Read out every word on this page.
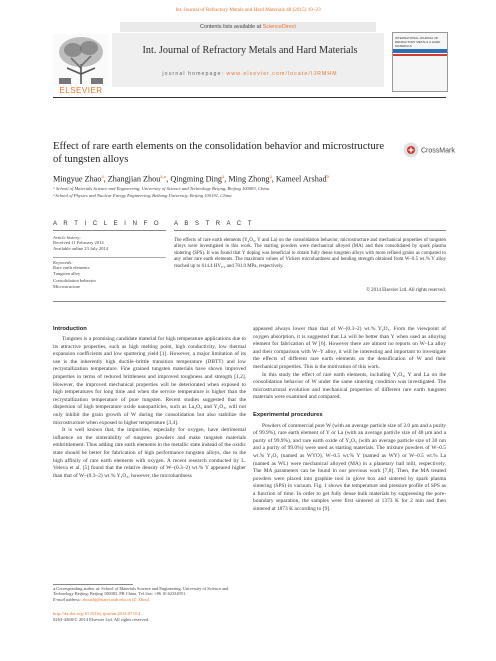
Int. Journal of Refractory Metals and Hard Materials 48 (2015) 19–23
Contents lists available at ScienceDirect
Int. Journal of Refractory Metals and Hard Materials
journal homepage: www.elsevier.com/locate/IJRMHM
ELSEVIER
INTERNATIONAL JOURNAL OF REFRACTORY METALS & HARD MATERIALS
Effect of rare earth elements on the consolidation behavior and microstructure of tungsten alloys
CrossMark
Mingyue Zhao$^a$, Zhangjian Zhou$^{a,⁎}$, Qingming Ding$^a$, Ming Zhong$^a$, Kameel Arshad$^b$
ᵃ School of Materials Science and Engineering, University of Science and Technology Beijing, Beijing 100083, China
ᵇ School of Physics and Nuclear Energy Engineering, Beihang University, Beijing 100191, China
A R T I C L E I N F O
Article history:
Received 11 February 2014
Available online 23 July 2014
Keywords:
Rare earth elements
Tungsten alloy
Consolidation behavior
Microstructure
A B S T R A C T
The effects of rare earth elements (Y₂O₃, Y and La) on the consolidation behavior, microstructure and mechanical properties of tungsten alloys were investigated in this work. The starting powders were mechanical alloyed (MA) and then consolidated by spark plasma sintering (SPS). It was found that Y doping was beneficial to obtain fully dense tungsten alloys with more refined grains as compared to any other rare earth elements. The maximum values of Vickers microhardness and bending strength obtained from W–0.5 wt.% Y alloy reached up to 614.4 HV₀.₂ and 701.0 MPa, respectively.
© 2014 Elsevier Ltd. All rights reserved.
Introduction

Tungsten is a promising candidate material for high temperature applications due to its attractive properties, such as high melting point, high conductivity, low thermal expansion coefficients and low sputtering yield [1]. However, a major limitation of its use is the inherently high ductile–brittle transition temperature (DBTT) and low recrystallization temperature. Fine grained tungsten materials have shown improved properties in terms of reduced brittleness and improved toughness and strength [1,2]. However, the improved mechanical properties will be deteriorated when exposed to high temperatures for long time and when the service temperature is higher than the recrystallization temperature of pure tungsten. Recent studies suggested that the dispersion of high temperature oxide nanoparticles, such as La₂O₃ and Y₂O₃, will not only inhibit the grain growth of W during the consolidation but also stabilize the microstructure when exposed to higher temperature [3,4].

It is well known that, the impurities, especially for oxygen, have detrimental influence on the sinterability of tungsten powders and make tungsten materials embrittlement. Thus adding rare earth elements in the metallic state instead of the oxidic state should be better for fabrication of high performance tungsten alloys, due to the high affinity of rare earth elements with oxygen. A recent research conducted by L. Veleva et al. [5] found that the relative density of W–(0.3–2) wt.% Y appeared higher than that of W–(0.3–2) wt.% Y₂O₃, however, the microhardness

⁎ Corresponding author at: School of Materials Science and Engineering, University of Science and Technology Beijing, Beijing 100083, PR China. Tel./fax: +86 10 62334951.
E-mail address: zhouzhj@mater.ustb.edu.cn (Z. Zhou).
http://dx.doi.org/10.1016/j.ijrmhm.2014.07.014
0263-4368/© 2014 Elsevier Ltd. All rights reserved.

appeared always lower than that of W–(0.3–2) wt.% Y₂O₃. From the viewpoint of oxygen absorption, it is suggested that La will be better than Y when used as alloying element for fabrication of W [6]. However there are almost no reports on W–La alloy and their comparison with W–Y alloy, it will be interesting and important to investigate the effects of different rare earth elements on the densification of W and their mechanical properties. This is the motivation of this work.

In this study the effect of rare earth elements, including Y₂O₃, Y and La on the consolidation behavior of W under the same sintering condition was investigated. The microstructural evolution and mechanical properties of different rare earth tungsten materials were examined and compared.

Experimental procedures

Powders of commercial pure W (with an average particle size of 2.0 μm and a purity of 99.9%), rare earth element of Y or La (with an average particle size of 48 μm and a purity of 99.9%), and rare earth oxide of Y₂O₃ (with an average particle size of 30 nm and a purity of 99.0%) were used as starting materials. The mixture powders of W–0.5 wt.% Y₂O₃ (named as WYO), W–0.5 wt.% Y (named as WY) or W–0.5 wt.% La (named as WL) were mechanical alloyed (MA) in a planetary ball mill, respectively. The MA parameters can be found in our previous work [7,8]. Then, the MA treated powders were placed into graphite tool in glove box and sintered by spark plasma sintering (SPS) in vacuum. Fig. 1 shows the temperature and pressure profile of SPS as a function of time. In order to get fully dense bulk materials by suppressing the pore-boundary separation, the samples were first sintered at 1373 K for 2 min and then sintered at 1873 K according to [9].
